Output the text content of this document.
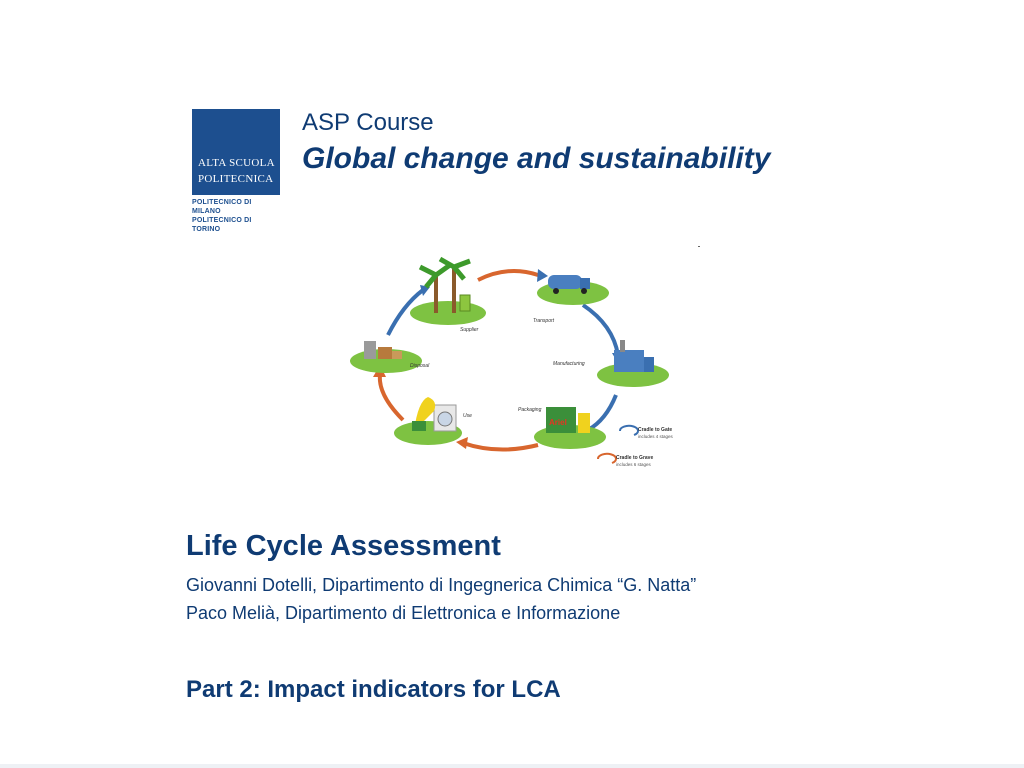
ALTA SCUOLA
POLITECNICA
POLITECNICO DI MILANO
POLITECNICO DI TORINO
ASP Course
Global change and sustainability
Supplier
Transport
Manufacturing
Ariel
Packaging
Use
Disposal
Cradle to Gate
includes 4 stages
Cradle to Grave
includes 6 stages
Life Cycle Assessment
Giovanni Dotelli, Dipartimento di Ingegnerica Chimica “G. Natta”
Paco Melià, Dipartimento di Elettronica e Informazione
Part 2: Impact indicators for LCA
